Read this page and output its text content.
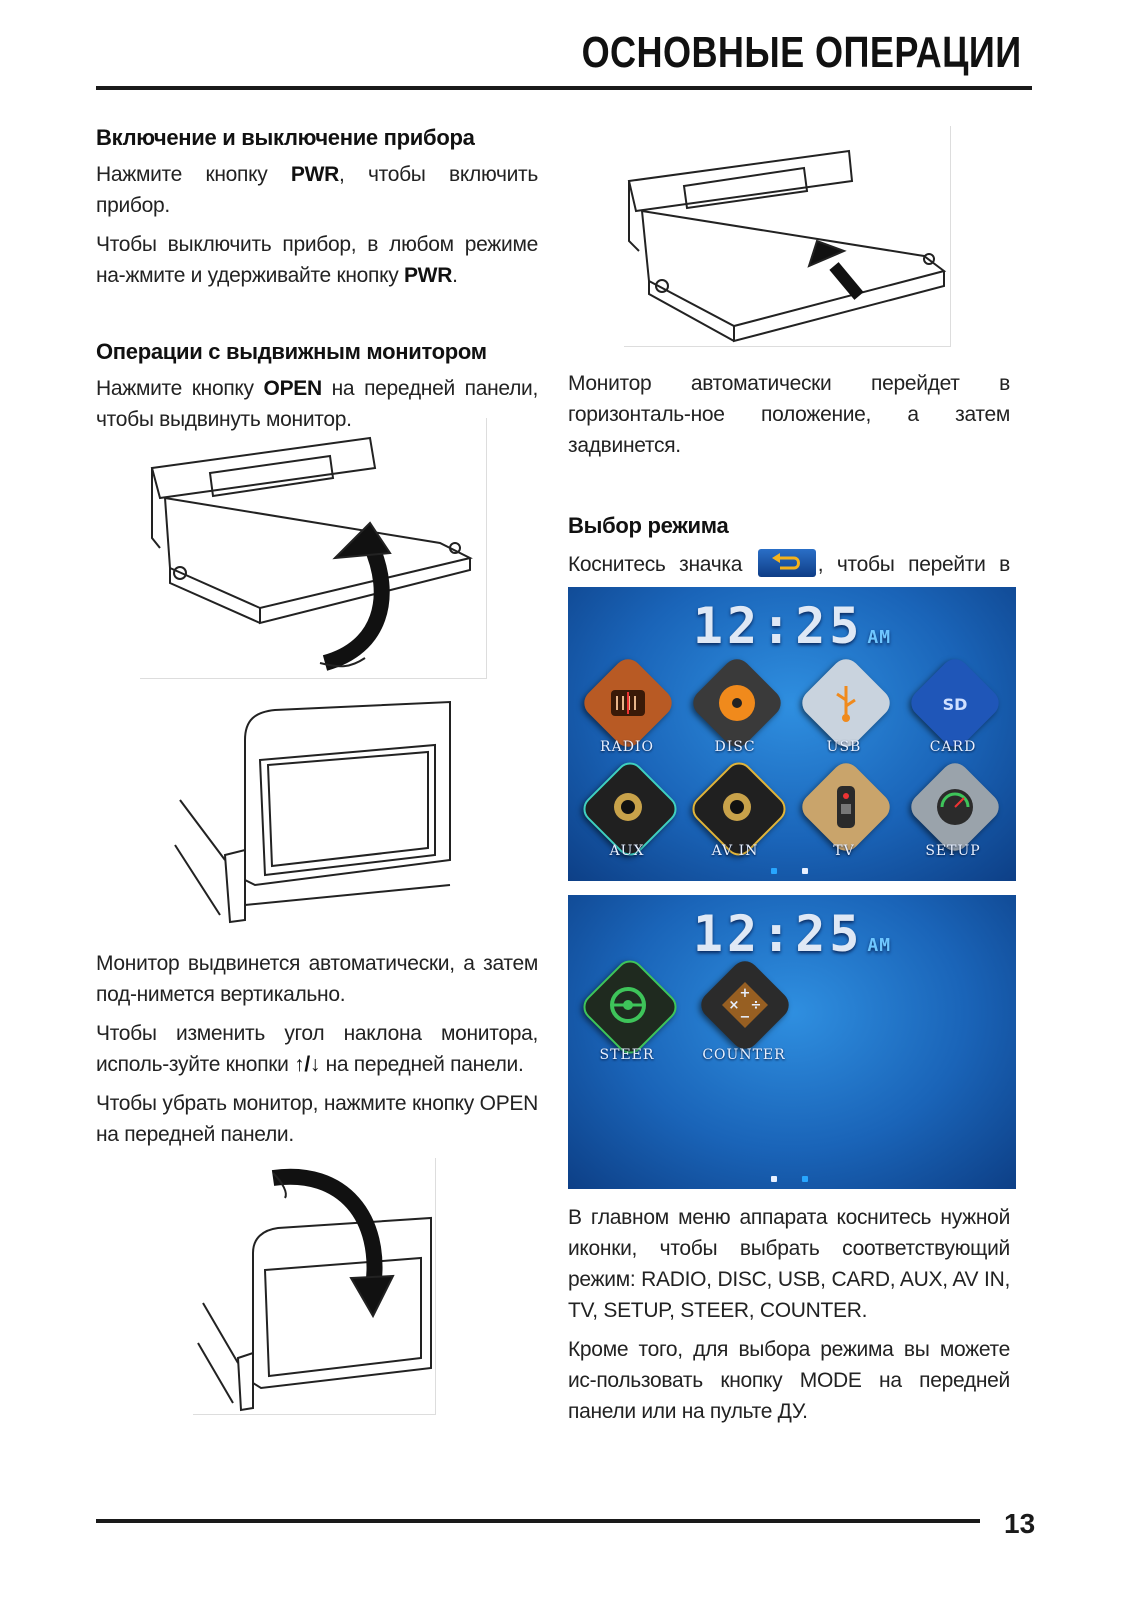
ОСНОВНЫЕ ОПЕРАЦИИ

Включение и выключение прибора

Нажмите кнопку PWR, чтобы включить прибор.

Чтобы выключить прибор, в любом режиме на-жмите и удерживайте кнопку PWR.

Операции с выдвижным монитором

Нажмите кнопку OPEN на передней панели, чтобы выдвинуть монитор.

Монитор выдвинется автоматически, а затем под-нимется вертикально.

Чтобы изменить угол наклона монитора, исполь-зуйте кнопки ↑/↓ на передней панели.

Чтобы убрать монитор, нажмите кнопку OPEN на передней панели.

Монитор автоматически перейдет в горизонталь-ное положение, а затем задвинется.

Выбор режима

Коснитесь значка	, чтобы перейти в

12:25 AM
RADIO	DISC	USB
SD
CARD
AUX	AV IN	TV	SETUP
12:25 AM
STEER
+
× ÷
−
COUNTER

В главном меню аппарата коснитесь нужной иконки, чтобы выбрать соответствующий режим: RADIO, DISC, USB, CARD, AUX, AV IN, TV, SETUP, STEER, COUNTER.

Кроме того, для выбора режима вы можете ис-пользовать кнопку MODE на передней панели или на пульте ДУ.

13
